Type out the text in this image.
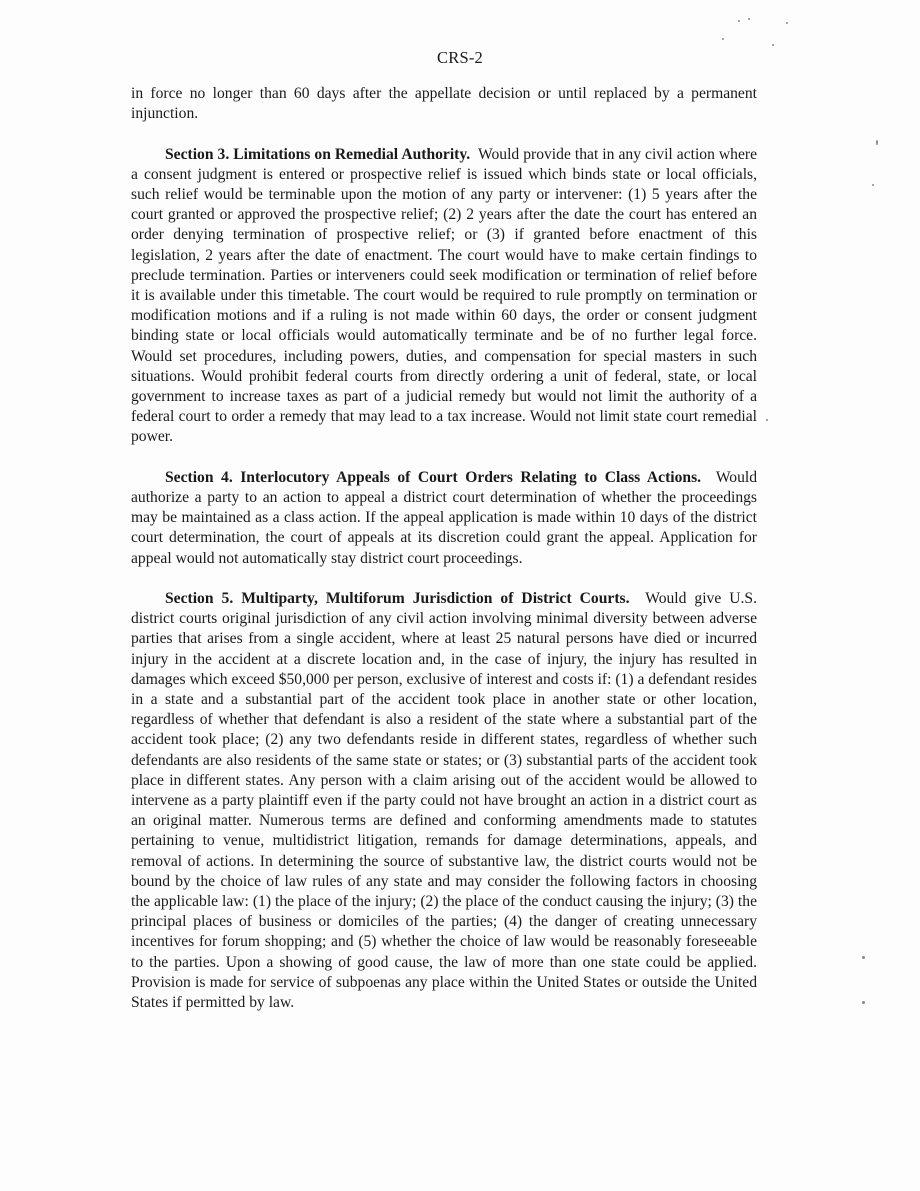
CRS-2

in force no longer than 60 days after the appellate decision or until replaced by a permanent injunction.

Section 3. Limitations on Remedial Authority. Would provide that in any civil action where a consent judgment is entered or prospective relief is issued which binds state or local officials, such relief would be terminable upon the motion of any party or intervener: (1) 5 years after the court granted or approved the prospective relief; (2) 2 years after the date the court has entered an order denying termination of prospective relief; or (3) if granted before enactment of this legislation, 2 years after the date of enactment. The court would have to make certain findings to preclude termination. Parties or interveners could seek modification or termination of relief before it is available under this timetable. The court would be required to rule promptly on termination or modification motions and if a ruling is not made within 60 days, the order or consent judgment binding state or local officials would automatically terminate and be of no further legal force. Would set procedures, including powers, duties, and compensation for special masters in such situations. Would prohibit federal courts from directly ordering a unit of federal, state, or local government to increase taxes as part of a judicial remedy but would not limit the authority of a federal court to order a remedy that may lead to a tax increase. Would not limit state court remedial power.

Section 4. Interlocutory Appeals of Court Orders Relating to Class Actions. Would authorize a party to an action to appeal a district court determination of whether the proceedings may be maintained as a class action. If the appeal application is made within 10 days of the district court determination, the court of appeals at its discretion could grant the appeal. Application for appeal would not automatically stay district court proceedings.

Section 5. Multiparty, Multiforum Jurisdiction of District Courts. Would give U.S. district courts original jurisdiction of any civil action involving minimal diversity between adverse parties that arises from a single accident, where at least 25 natural persons have died or incurred injury in the accident at a discrete location and, in the case of injury, the injury has resulted in damages which exceed $50,000 per person, exclusive of interest and costs if: (1) a defendant resides in a state and a substantial part of the accident took place in another state or other location, regardless of whether that defendant is also a resident of the state where a substantial part of the accident took place; (2) any two defendants reside in different states, regardless of whether such defendants are also residents of the same state or states; or (3) substantial parts of the accident took place in different states. Any person with a claim arising out of the accident would be allowed to intervene as a party plaintiff even if the party could not have brought an action in a district court as an original matter. Numerous terms are defined and conforming amendments made to statutes pertaining to venue, multidistrict litigation, remands for damage determinations, appeals, and removal of actions. In determining the source of substantive law, the district courts would not be bound by the choice of law rules of any state and may consider the following factors in choosing the applicable law: (1) the place of the injury; (2) the place of the conduct causing the injury; (3) the principal places of business or domiciles of the parties; (4) the danger of creating unnecessary incentives for forum shopping; and (5) whether the choice of law would be reasonably foreseeable to the parties. Upon a showing of good cause, the law of more than one state could be applied. Provision is made for service of subpoenas any place within the United States or outside the United States if permitted by law.
